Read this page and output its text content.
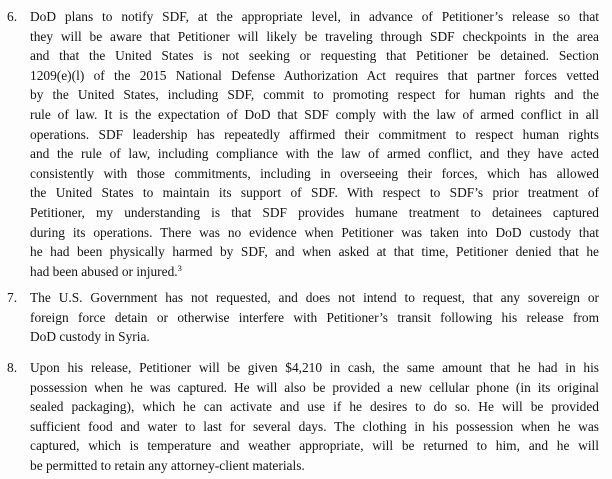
6. DoD plans to notify SDF, at the appropriate level, in advance of Petitioner’s release so that
they will be aware that Petitioner will likely be traveling through SDF checkpoints in the area
and that the United States is not seeking or requesting that Petitioner be detained. Section
1209(e)(l) of the 2015 National Defense Authorization Act requires that partner forces vetted
by the United States, including SDF, commit to promoting respect for human rights and the
rule of law. It is the expectation of DoD that SDF comply with the law of armed conflict in all
operations. SDF leadership has repeatedly affirmed their commitment to respect human rights
and the rule of law, including compliance with the law of armed conflict, and they have acted
consistently with those commitments, including in overseeing their forces, which has allowed
the United States to maintain its support of SDF. With respect to SDF’s prior treatment of
Petitioner, my understanding is that SDF provides humane treatment to detainees captured
during its operations. There was no evidence when Petitioner was taken into DoD custody that
he had been physically harmed by SDF, and when asked at that time, Petitioner denied that he
had been abused or injured.$^3$
7. The U.S. Government has not requested, and does not intend to request, that any sovereign or
foreign force detain or otherwise interfere with Petitioner’s transit following his release from
DoD custody in Syria.
8. Upon his release, Petitioner will be given $4,210 in cash, the same amount that he had in his
possession when he was captured. He will also be provided a new cellular phone (in its original
sealed packaging), which he can activate and use if he desires to do so. He will be provided
sufficient food and water to last for several days. The clothing in his possession when he was
captured, which is temperature and weather appropriate, will be returned to him, and he will
be permitted to retain any attorney-client materials.
